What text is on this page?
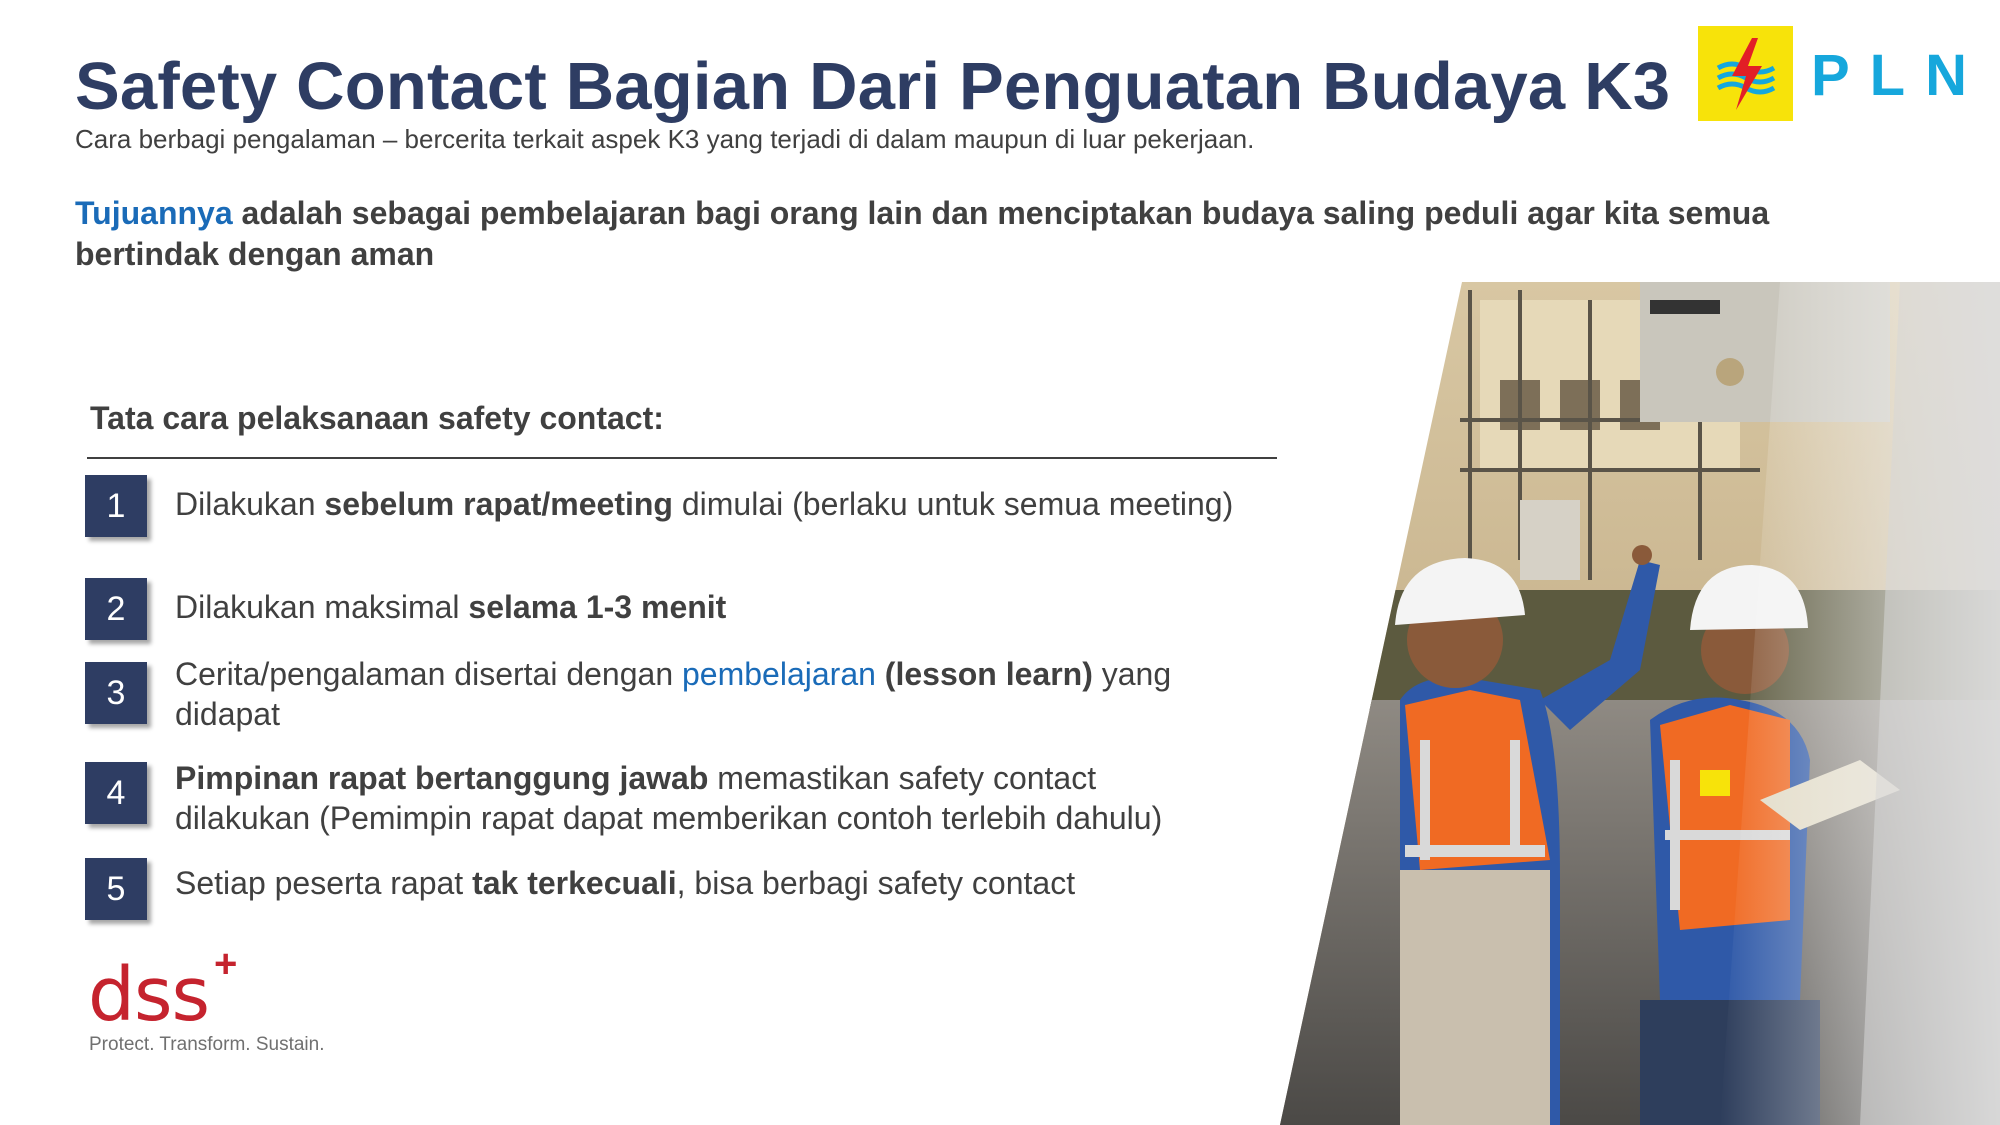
Safety Contact Bagian Dari Penguatan Budaya K3
Cara berbagi pengalaman – bercerita terkait aspek K3 yang terjadi di dalam maupun di luar pekerjaan.
Tujuannya adalah sebagai pembelajaran bagi orang lain dan menciptakan budaya saling peduli agar kita semua bertindak dengan aman
PLN
Tata cara pelaksanaan safety contact:
1	Dilakukan sebelum rapat/meeting dimulai (berlaku untuk semua meeting)
2	Dilakukan maksimal selama 1-3 menit
3	Cerita/pengalaman disertai dengan pembelajaran (lesson learn) yang didapat
4	Pimpinan rapat bertanggung jawab memastikan safety contact dilakukan (Pemimpin rapat dapat memberikan contoh terlebih dahulu)
5	Setiap peserta rapat tak terkecuali, bisa berbagi safety contact
dss +
Protect. Transform. Sustain.
